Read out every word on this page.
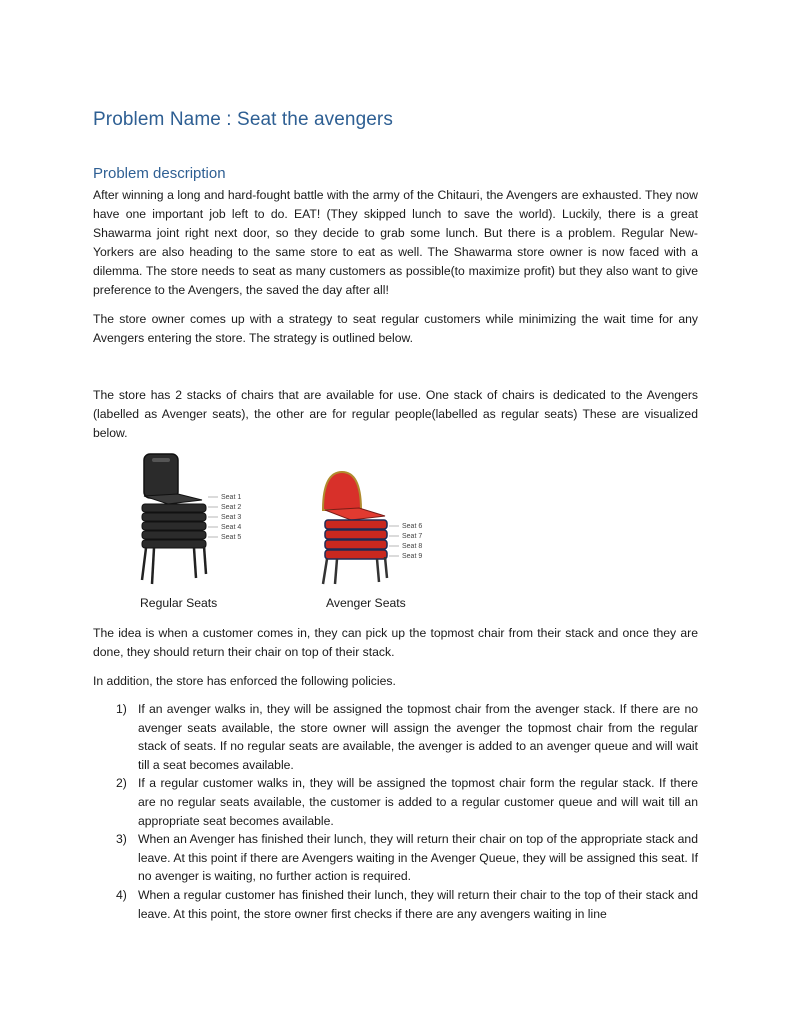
Problem Name : Seat the avengers
Problem description

After winning a long and hard-fought battle with the army of the Chitauri, the Avengers are exhausted. They now have one important job left to do. EAT! (They skipped lunch to save the world). Luckily, there is a great Shawarma joint right next door, so they decide to grab some lunch. But there is a problem. Regular New-Yorkers are also heading to the same store to eat as well. The Shawarma store owner is now faced with a dilemma. The store needs to seat as many customers as possible(to maximize profit) but they also want to give preference to the Avengers, the saved the day after all!

The store owner comes up with a strategy to seat regular customers while minimizing the wait time for any Avengers entering the store. The strategy is outlined below.

The store has 2 stacks of chairs that are available for use. One stack of chairs is dedicated to the Avengers (labelled as Avenger seats), the other are for regular people(labelled as regular seats) These are visualized below.

Seat 1
Seat 2
Seat 3
Seat 4
Seat 5
Seat 6
Seat 7
Seat 8
Seat 9
Regular Seats	Avenger Seats

The idea is when a customer comes in, they can pick up the topmost chair from their stack and once they are done, they should return their chair on top of their stack.

In addition, the store has enforced the following policies.

1) If an avenger walks in, they will be assigned the topmost chair from the avenger stack. If there are no avenger seats available, the store owner will assign the avenger the topmost chair from the regular stack of seats. If no regular seats are available, the avenger is added to an avenger queue and will wait till a seat becomes available.
2) If a regular customer walks in, they will be assigned the topmost chair form the regular stack. If there are no regular seats available, the customer is added to a regular customer queue and will wait till an appropriate seat becomes available.
3) When an Avenger has finished their lunch, they will return their chair on top of the appropriate stack and leave. At this point if there are Avengers waiting in the Avenger Queue, they will be assigned this seat. If no avenger is waiting, no further action is required.
4) When a regular customer has finished their lunch, they will return their chair to the top of their stack and leave. At this point, the store owner first checks if there are any avengers waiting in line
